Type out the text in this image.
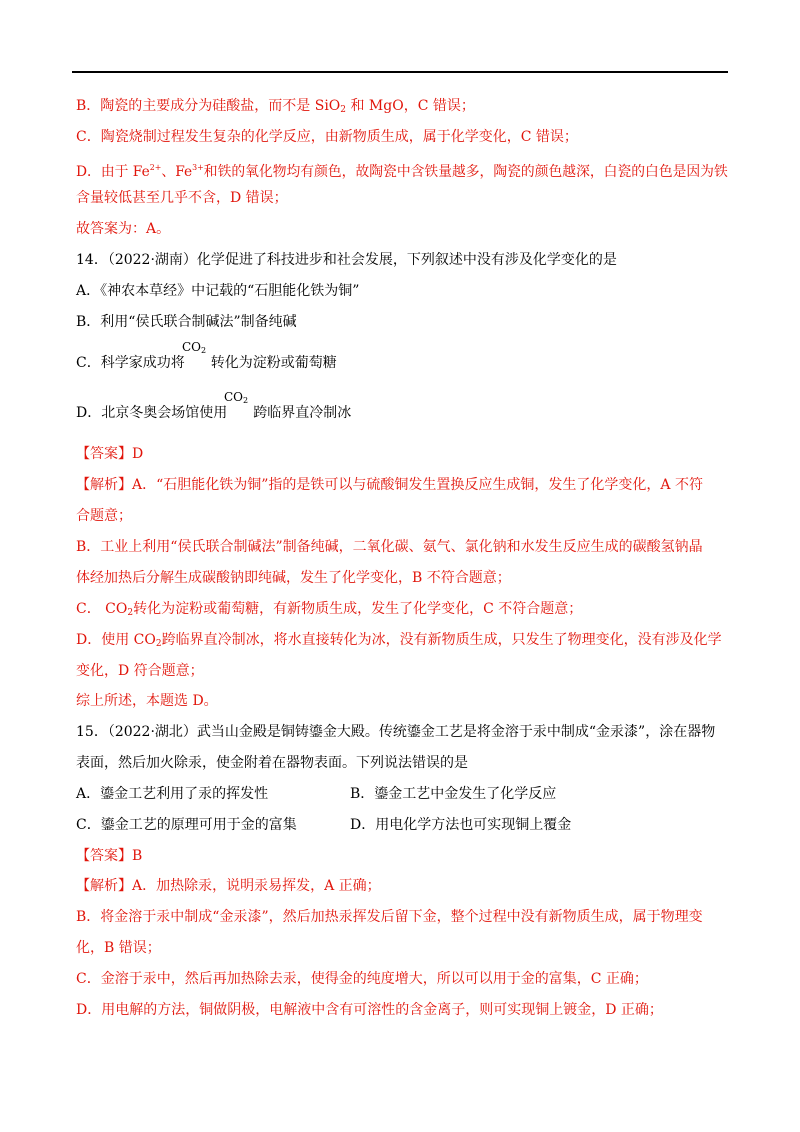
B．陶瓷的主要成分为硅酸盐，而不是 SiO$_2$ 和 MgO，C 错误；
C．陶瓷烧制过程发生复杂的化学反应，由新物质生成，属于化学变化，C 错误；
D．由于 $Fe^{2+}$、$Fe^{3+}$和铁的氧化物均有颜色，故陶瓷中含铁量越多，陶瓷的颜色越深，白瓷的白色是因为铁
含量较低甚至几乎不含，D 错误；
故答案为：A。
14．（2022·湖南）化学促进了科技进步和社会发展，下列叙述中没有涉及化学变化的是
A．《神农本草经》中记载的“石胆能化铁为铜”
B．利用“侯氏联合制碱法”制备纯碱
$CO_2$
C．科学家成功将 转化为淀粉或葡萄糖
$CO_2$
D．北京冬奥会场馆使用 跨临界直冷制冰
【答案】D
【解析】A．“石胆能化铁为铜”指的是铁可以与硫酸铜发生置换反应生成铜，发生了化学变化，A 不符
合题意；
B．工业上利用“侯氏联合制碱法”制备纯碱，二氧化碳、氨气、氯化钠和水发生反应生成的碳酸氢钠晶
体经加热后分解生成碳酸钠即纯碱，发生了化学变化，B 不符合题意；
C． $CO_2$转化为淀粉或葡萄糖，有新物质生成，发生了化学变化，C 不符合题意；
D．使用 $CO_2$跨临界直冷制冰，将水直接转化为冰，没有新物质生成，只发生了物理变化，没有涉及化学
变化，D 符合题意；
综上所述，本题选 D。
15．（2022·湖北）武当山金殿是铜铸鎏金大殿。传统鎏金工艺是将金溶于汞中制成“金汞漆”，涂在器物
表面，然后加火除汞，使金附着在器物表面。下列说法错误的是
A．鎏金工艺利用了汞的挥发性	B．鎏金工艺中金发生了化学反应
C．鎏金工艺的原理可用于金的富集	D．用电化学方法也可实现铜上覆金
【答案】B
【解析】A．加热除汞，说明汞易挥发，A 正确；
B．将金溶于汞中制成“金汞漆”，然后加热汞挥发后留下金，整个过程中没有新物质生成，属于物理变
化，B 错误；
C．金溶于汞中，然后再加热除去汞，使得金的纯度增大，所以可以用于金的富集，C 正确；
D．用电解的方法，铜做阴极，电解液中含有可溶性的含金离子，则可实现铜上镀金，D 正确；
